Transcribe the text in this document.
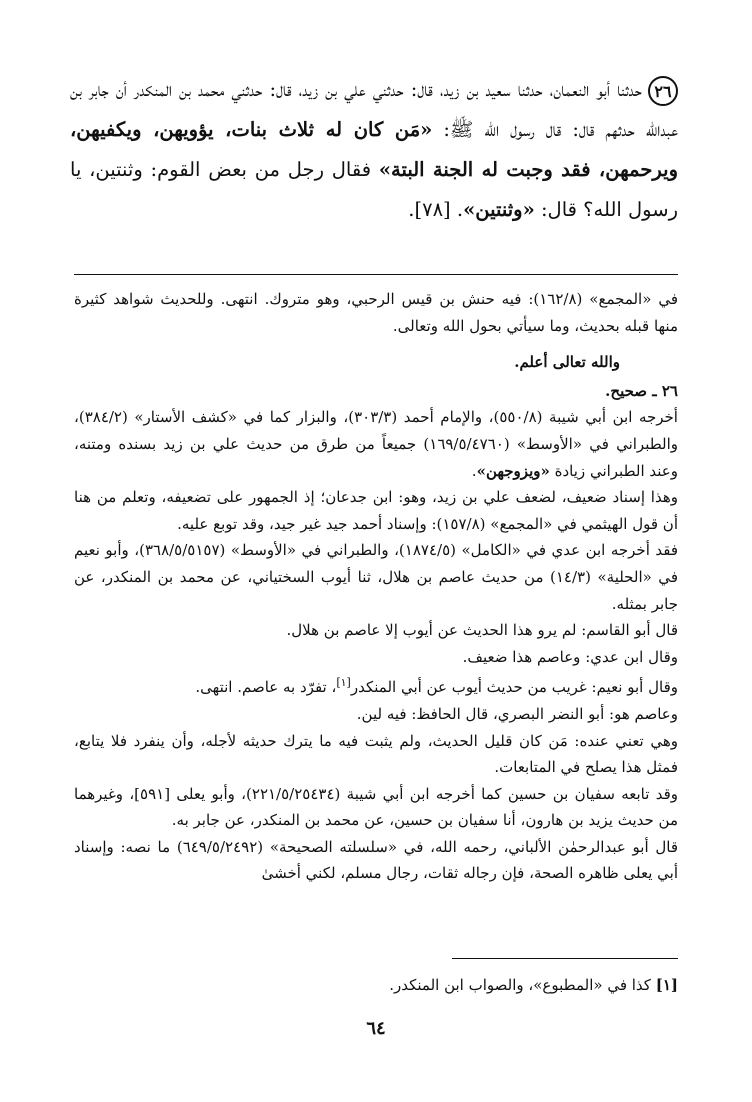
٢٦حدثنا أبو النعمان، حدثنا سعيد بن زيد، قال: حدثني علي بن زيد، قال: حدثني محمد بن المنكدر أن جابر بن عبدالله حدثهم قال: قال رسول الله ﷺ: «مَن كان له ثلاث بنات، يؤويهن، ويكفيهن، ويرحمهن، فقد وجبت له الجنة البتة» فقال رجل من بعض القوم: وثنتين، يا رسول الله؟ قال: «وثنتين». [٧٨].

في «المجمع» (١٦٢/٨): فيه حنش بن قيس الرحبي، وهو متروك. انتهى. وللحديث شواهد كثيرة منها قبله بحديث، وما سيأتي بحول الله وتعالى.

والله تعالى أعلم.

٢٦ ـ صحيح.

أخرجه ابن أبي شيبة (٥٥٠/٨)، والإمام أحمد (٣٠٣/٣)، والبزار كما في «كشف الأستار» (٣٨٤/٢)، والطبراني في «الأوسط» (١٦٩/٥/٤٧٦٠) جميعاً من طرق من حديث علي بن زيد بسنده ومتنه، وعند الطبراني زيادة «ويزوجهن».

وهذا إسناد ضعيف، لضعف علي بن زيد، وهو: ابن جدعان؛ إذ الجمهور على تضعيفه، وتعلم من هنا أن قول الهيثمي في «المجمع» (١٥٧/٨): وإسناد أحمد جيد غير جيد، وقد توبع عليه.

فقد أخرجه ابن عدي في «الكامل» (١٨٧٤/٥)، والطبراني في «الأوسط» (٣٦٨/٥/٥١٥٧)، وأبو نعيم في «الحلية» (١٤/٣) من حديث عاصم بن هلال، ثنا أيوب السختياني، عن محمد بن المنكدر، عن جابر بمثله.

قال أبو القاسم: لم يرو هذا الحديث عن أيوب إلا عاصم بن هلال.

وقال ابن عدي: وعاصم هذا ضعيف.

وقال أبو نعيم: غريب من حديث أيوب عن أبي المنكدر[١]، تفرّد به عاصم. انتهى.

وعاصم هو: أبو النضر البصري، قال الحافظ: فيه لين.

وهي تعني عنده: مَن كان قليل الحديث، ولم يثبت فيه ما يترك حديثه لأجله، وأن ينفرد فلا يتابع، فمثل هذا يصلح في المتابعات.

وقد تابعه سفيان بن حسين كما أخرجه ابن أبي شيبة (٢٢١/٥/٢٥٤٣٤)، وأبو يعلى [٥٩١]، وغيرهما من حديث يزيد بن هارون، أنا سفيان بن حسين، عن محمد بن المنكدر، عن جابر به.

قال أبو عبدالرحمٰن الألباني، رحمه الله، في «سلسلته الصحيحة» (٦٤٩/٥/٢٤٩٢) ما نصه: وإسناد أبي يعلى ظاهره الصحة، فإن رجاله ثقات، رجال مسلم، لكني أخشىٰ

[١] كذا في «المطبوع»، والصواب ابن المنكدر.
٦٤
